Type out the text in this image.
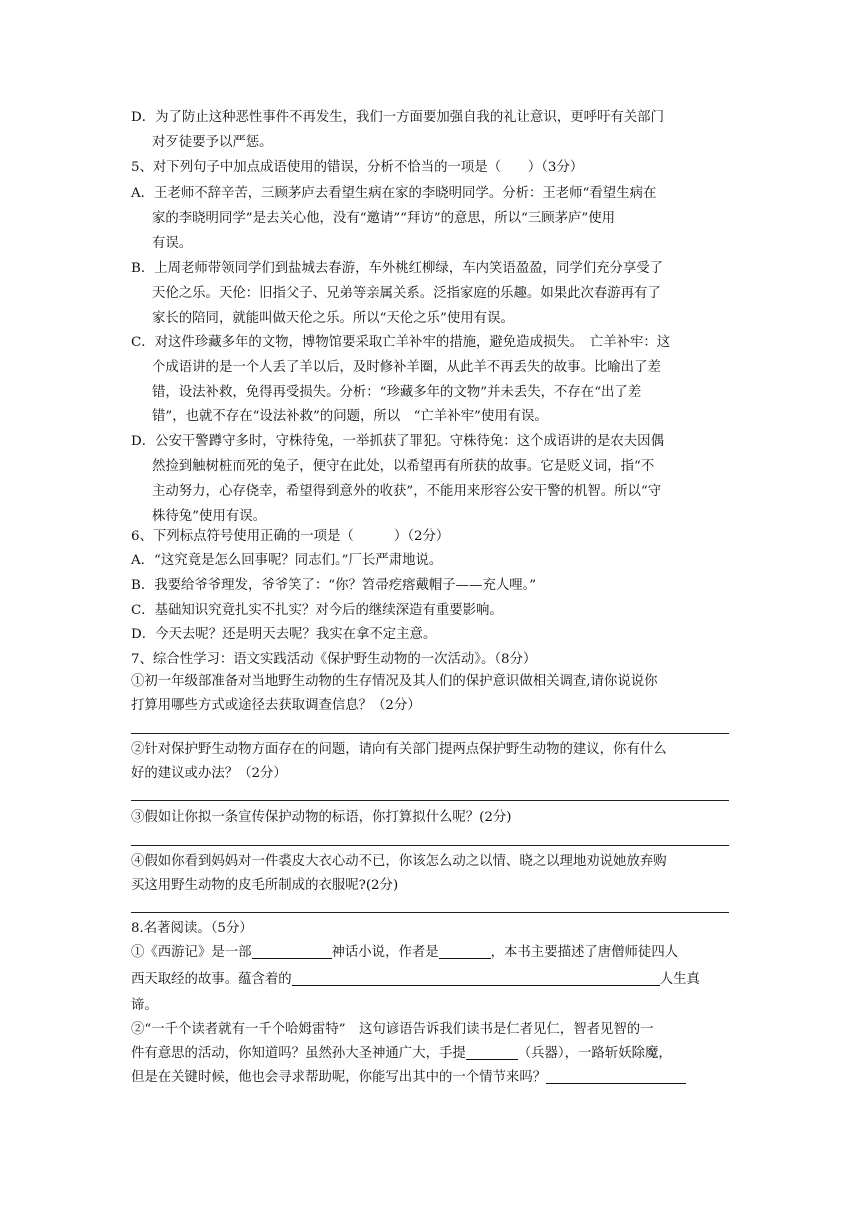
D．为了防止这种恶性事件不再发生，我们一方面要加强自我的礼让意识，更呼吁有关部门
对歹徒要予以严惩。
5、对下列句子中加点成语使用的错误，分析不恰当的一项是（　　）（3分）
A．王老师不辞辛苦，三顾茅庐去看望生病在家的李晓明同学。分析：王老师“看望生病在
家的李晓明同学”是去关心他，没有“邀请”“拜访”的意思，所以“三顾茅庐”使用
有误。
B．上周老师带领同学们到盐城去春游，车外桃红柳绿，车内笑语盈盈，同学们充分享受了
天伦之乐。天伦：旧指父子、兄弟等亲属关系。泛指家庭的乐趣。如果此次春游再有了
家长的陪同，就能叫做天伦之乐。所以“天伦之乐”使用有误。
C．对这件珍藏多年的文物，博物馆要采取亡羊补牢的措施，避免造成损失。　亡羊补牢：这
个成语讲的是一个人丢了羊以后，及时修补羊圈，从此羊不再丢失的故事。比喻出了差
错，设法补救，免得再受损失。分析：“珍藏多年的文物”并未丢失，不存在“出了差
错”，也就不存在“设法补救”的问题，所以　“亡羊补牢”使用有误。
D．公安干警蹲守多时，守株待兔，一举抓获了罪犯。守株待兔：这个成语讲的是农夫因偶
然捡到触树桩而死的兔子，便守在此处，以希望再有所获的故事。它是贬义词，指“不
主动努力，心存侥幸，希望得到意外的收获”，不能用来形容公安干警的机智。所以“守
株待兔”使用有误。
6、下列标点符号使用正确的一项是（　　　）（2分）
A．“这究竟是怎么回事呢？同志们。”厂长严肃地说。
B．我要给爷爷理发，爷爷笑了：“你？笤帚疙瘩戴帽子——充人哩。”
C．基础知识究竟扎实不扎实？对今后的继续深造有重要影响。
D．今天去呢？还是明天去呢？我实在拿不定主意。
7、综合性学习：语文实践活动《保护野生动物的一次活动》。（8分）
①初一年级部准备对当地野生动物的生存情况及其人们的保护意识做相关调查,请你说说你
打算用哪些方式或途径去获取调查信息？（2分）
②针对保护野生动物方面存在的问题，请向有关部门提两点保护野生动物的建议，你有什么
好的建议或办法？（2分）
③假如让你拟一条宣传保护动物的标语，你打算拟什么呢？(2分)
④假如你看到妈妈对一件裘皮大衣心动不已，你该怎么动之以情、晓之以理地劝说她放弃购
买这用野生动物的皮毛所制成的衣服呢?(2分)
8.名著阅读。（5分）
①《西游记》是一部	神话小说，作者是	，本书主要描述了唐僧师徒四人
西天取经的故事。蕴含着的	人生真
谛。
②“一千个读者就有一千个哈姆雷特”　这句谚语告诉我们读书是仁者见仁，智者见智的一
件有意思的活动，你知道吗？虽然孙大圣神通广大，手提	（兵器），一路斩妖除魔，
但是在关键时候，他也会寻求帮助呢，你能写出其中的一个情节来吗？
